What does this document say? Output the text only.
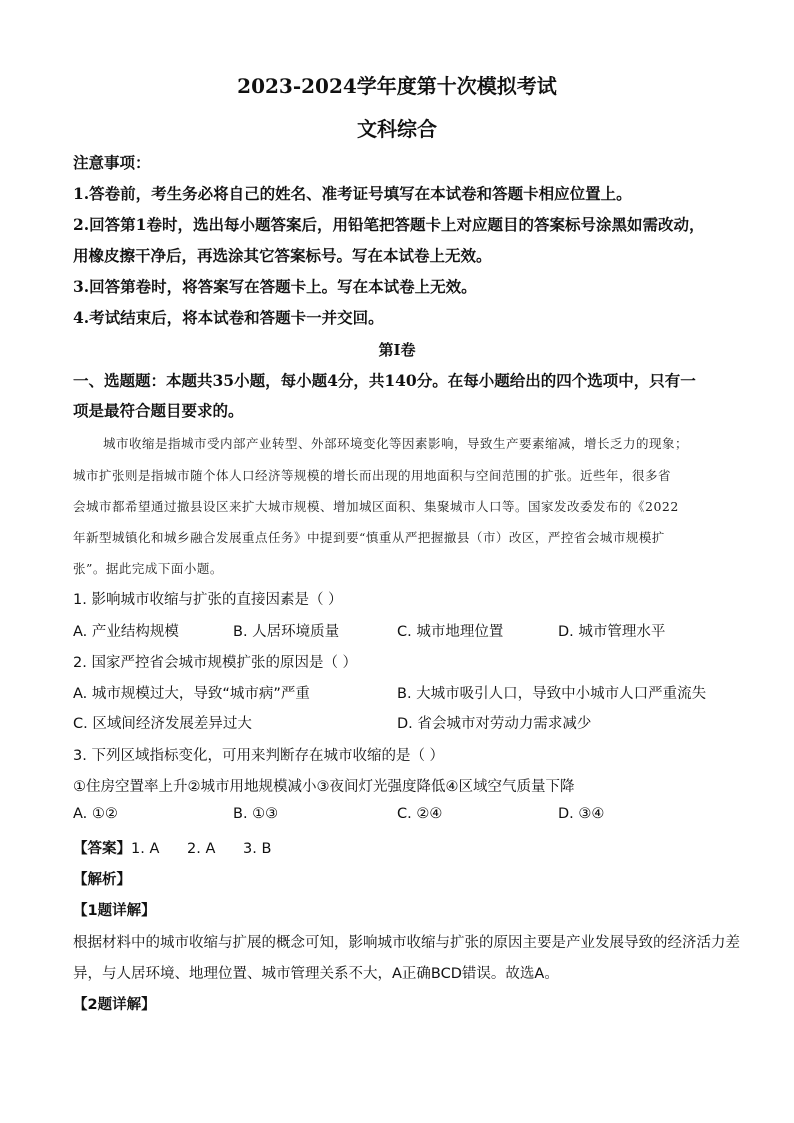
2023-2024学年度第十次模拟考试
文科综合
注意事项：
1.答卷前，考生务必将自己的姓名、准考证号填写在本试卷和答题卡相应位置上。
2.回答第1卷时，选出每小题答案后，用铅笔把答题卡上对应题目的答案标号涂黑如需改动，
用橡皮擦干净后，再选涂其它答案标号。写在本试卷上无效。
3.回答第卷时，将答案写在答题卡上。写在本试卷上无效。
4.考试结束后，将本试卷和答题卡一并交回。
第I卷
一、选题题：本题共35小题，每小题4分，共140分。在每小题给出的四个选项中，只有一
项是最符合题目要求的。
城市收缩是指城市受内部产业转型、外部环境变化等因素影响，导致生产要素缩减，增长乏力的现象；
城市扩张则是指城市随个体人口经济等规模的增长而出现的用地面积与空间范围的扩张。近些年，很多省
会城市都希望通过撤县设区来扩大城市规模、增加城区面积、集聚城市人口等。国家发改委发布的《2022
年新型城镇化和城乡融合发展重点任务》中提到要“慎重从严把握撤县（市）改区，严控省会城市规模扩
张”。据此完成下面小题。
1. 影响城市收缩与扩张的直接因素是（ ）
A. 产业结构规模	B. 人居环境质量	C. 城市地理位置	D. 城市管理水平
2. 国家严控省会城市规模扩张的原因是（ ）
A. 城市规模过大，导致“城市病”严重	B. 大城市吸引人口，导致中小城市人口严重流失
C. 区域间经济发展差异过大	D. 省会城市对劳动力需求减少
3. 下列区域指标变化，可用来判断存在城市收缩的是（ ）
①住房空置率上升②城市用地规模减小③夜间灯光强度降低④区域空气质量下降
A. ①②	B. ①③	C. ②④	D. ③④
【答案】1. A      2. A      3. B
【解析】
【1题详解】
根据材料中的城市收缩与扩展的概念可知，影响城市收缩与扩张的原因主要是产业发展导致的经济活力差
异，与人居环境、地理位置、城市管理关系不大，A正确BCD错误。故选A。
【2题详解】
